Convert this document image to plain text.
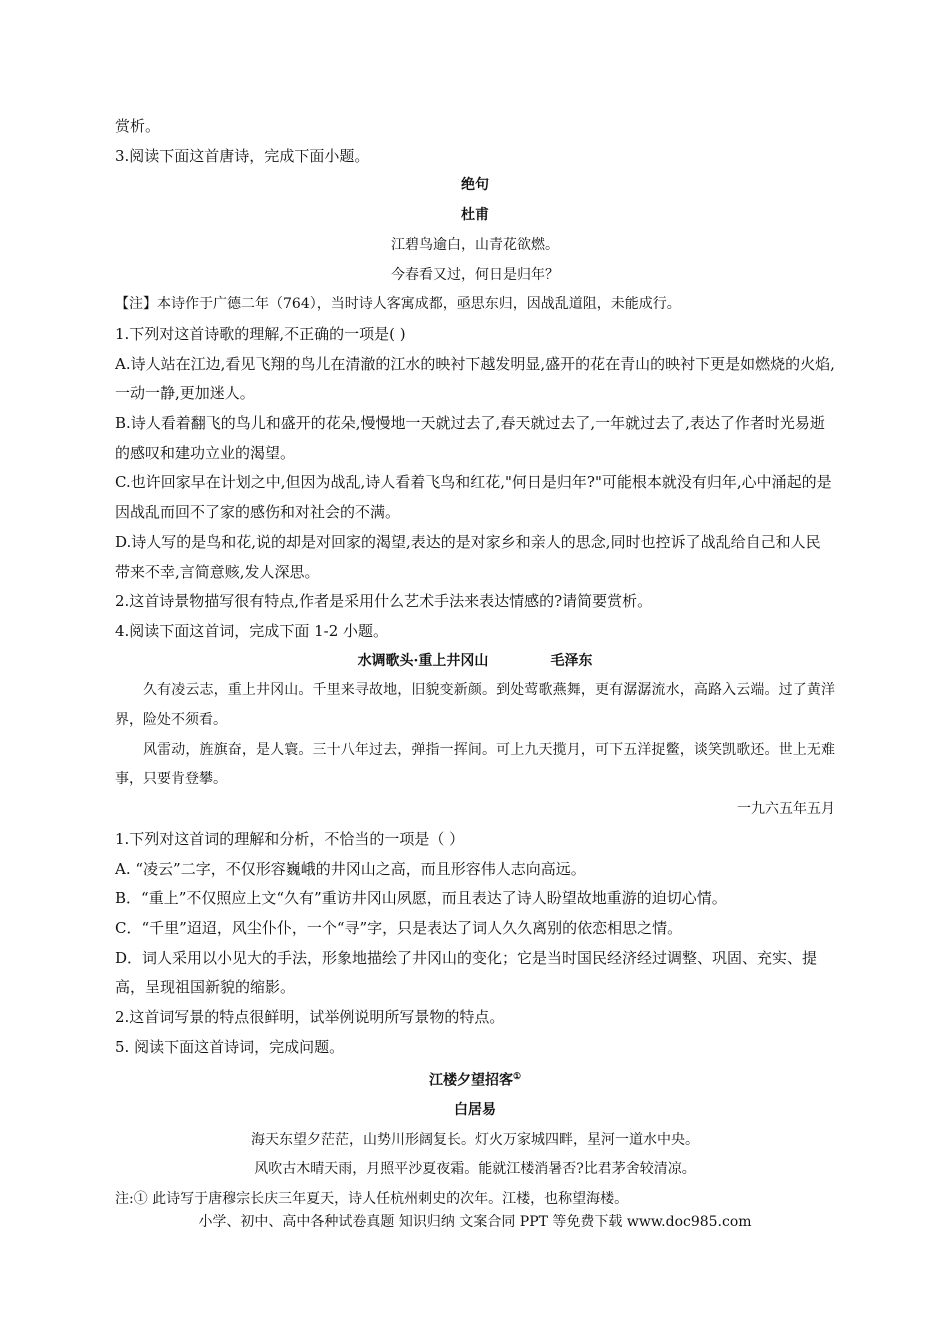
赏析。
3.阅读下面这首唐诗，完成下面小题。
绝句
杜甫
江碧鸟逾白，山青花欲燃。
今春看又过，何日是归年？
【注】本诗作于广德二年（764），当时诗人客寓成都，亟思东归，因战乱道阻，未能成行。
1.下列对这首诗歌的理解,不正确的一项是( )
A.诗人站在江边,看见飞翔的鸟儿在清澈的江水的映衬下越发明显,盛开的花在青山的映衬下更是如燃烧的火焰,一动一静,更加迷人。
B.诗人看着翻飞的鸟儿和盛开的花朵,慢慢地一天就过去了,春天就过去了,一年就过去了,表达了作者时光易逝的感叹和建功立业的渴望。
C.也许回家早在计划之中,但因为战乱,诗人看着飞鸟和红花,"何日是归年?"可能根本就没有归年,心中涌起的是因战乱而回不了家的感伤和对社会的不满。
D.诗人写的是鸟和花,说的却是对回家的渴望,表达的是对家乡和亲人的思念,同时也控诉了战乱给自己和人民带来不幸,言简意赅,发人深思。
2.这首诗景物描写很有特点,作者是采用什么艺术手法来表达情感的?请简要赏析。
4.阅读下面这首词，完成下面 1-2 小题。
水调歌头·重上井冈山	毛泽东
久有凌云志，重上井冈山。千里来寻故地，旧貌变新颜。到处莺歌燕舞，更有潺潺流水，高路入云端。过了黄洋界，险处不须看。
风雷动，旌旗奋，是人寰。三十八年过去，弹指一挥间。可上九天揽月，可下五洋捉鳖，谈笑凯歌还。世上无难事，只要肯登攀。
一九六五年五月
1.下列对这首词的理解和分析，不恰当的一项是（ ）
A. “凌云”二字，不仅形容巍峨的井冈山之高，而且形容伟人志向高远。
B．“重上”不仅照应上文“久有”重访井冈山夙愿，而且表达了诗人盼望故地重游的迫切心情。
C．“千里”迢迢，风尘仆仆，一个“寻”字，只是表达了词人久久离别的依恋相思之情。
D．词人采用以小见大的手法，形象地描绘了井冈山的变化；它是当时国民经济经过调整、巩固、充实、提高，呈现祖国新貌的缩影。
2.这首词写景的特点很鲜明，试举例说明所写景物的特点。
5. 阅读下面这首诗词，完成问题。
江楼夕望招客①
白居易
海天东望夕茫茫，山势川形阔复长。灯火万家城四畔，星河一道水中央。
风吹古木晴天雨，月照平沙夏夜霜。能就江楼消暑否?比君茅舍较清凉。
注:① 此诗写于唐穆宗长庆三年夏天，诗人任杭州刺史的次年。江楼，也称望海楼。
小学、初中、高中各种试卷真题 知识归纳 文案合同 PPT 等免费下载 www.doc985.com
